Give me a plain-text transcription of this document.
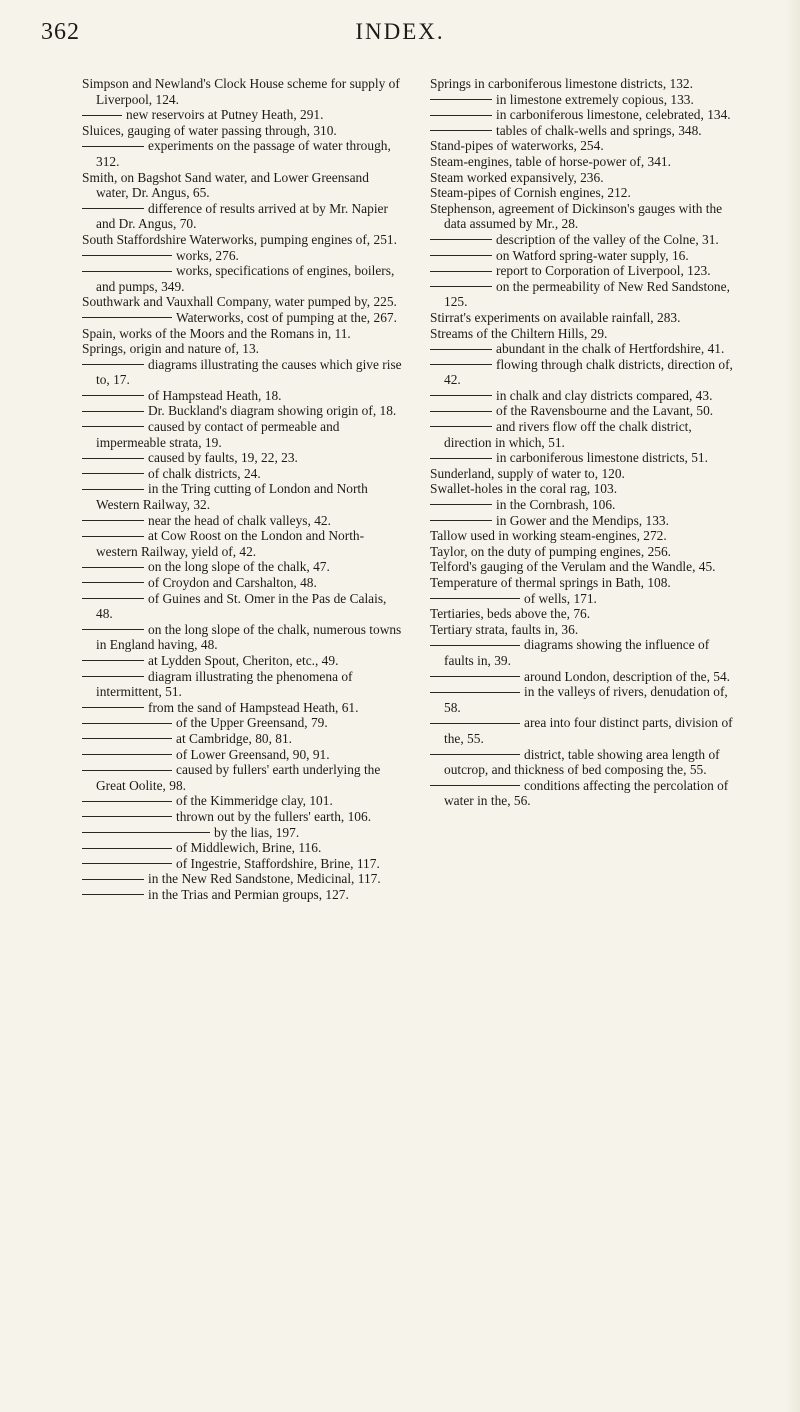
362	INDEX.

Simpson and Newland's Clock House scheme for supply of Liverpool, 124.

new reservoirs at Putney Heath, 291.

Sluices, gauging of water passing through, 310.

experiments on the passage of water through, 312.

Smith, on Bagshot Sand water, and Lower Greensand water, Dr. Angus, 65.

difference of results arrived at by Mr. Napier and Dr. Angus, 70.

South Staffordshire Waterworks, pumping engines of, 251.

works, 276.

works, specifications of engines, boilers, and pumps, 349.

Southwark and Vauxhall Company, water pumped by, 225.

Waterworks, cost of pumping at the, 267.

Spain, works of the Moors and the Romans in, 11.

Springs, origin and nature of, 13.

diagrams illustrating the causes which give rise to, 17.

of Hampstead Heath, 18.

Dr. Buckland's diagram showing origin of, 18.

caused by contact of permeable and impermeable strata, 19.

caused by faults, 19, 22, 23.

of chalk districts, 24.

in the Tring cutting of London and North Western Railway, 32.

near the head of chalk valleys, 42.

at Cow Roost on the London and North-western Railway, yield of, 42.

on the long slope of the chalk, 47.

of Croydon and Carshalton, 48.

of Guines and St. Omer in the Pas de Calais, 48.

on the long slope of the chalk, numerous towns in England having, 48.

at Lydden Spout, Cheriton, etc., 49.

diagram illustrating the phenomena of intermittent, 51.

from the sand of Hampstead Heath, 61.

of the Upper Greensand, 79.

at Cambridge, 80, 81.

of Lower Greensand, 90, 91.

caused by fullers' earth underlying the Great Oolite, 98.

of the Kimmeridge clay, 101.

thrown out by the fullers' earth, 106.

by the lias, 197.

of Middlewich, Brine, 116.

of Ingestrie, Staffordshire, Brine, 117.

in the New Red Sandstone, Medicinal, 117.

in the Trias and Permian groups, 127.

Springs in carboniferous limestone districts, 132.

in limestone extremely copious, 133.

in carboniferous limestone, celebrated, 134.

tables of chalk-wells and springs, 348.

Stand-pipes of waterworks, 254.

Steam-engines, table of horse-power of, 341.

Steam worked expansively, 236.

Steam-pipes of Cornish engines, 212.

Stephenson, agreement of Dickinson's gauges with the data assumed by Mr., 28.

description of the valley of the Colne, 31.

on Watford spring-water supply, 16.

report to Corporation of Liverpool, 123.

on the permeability of New Red Sandstone, 125.

Stirrat's experiments on available rainfall, 283.

Streams of the Chiltern Hills, 29.

abundant in the chalk of Hertfordshire, 41.

flowing through chalk districts, direction of, 42.

in chalk and clay districts compared, 43.

of the Ravensbourne and the Lavant, 50.

and rivers flow off the chalk district, direction in which, 51.

in carboniferous limestone districts, 51.

Sunderland, supply of water to, 120.

Swallet-holes in the coral rag, 103.

in the Cornbrash, 106.

in Gower and the Mendips, 133.

Tallow used in working steam-engines, 272.

Taylor, on the duty of pumping engines, 256.

Telford's gauging of the Verulam and the Wandle, 45.

Temperature of thermal springs in Bath, 108.

of wells, 171.

Tertiaries, beds above the, 76.

Tertiary strata, faults in, 36.

diagrams showing the influence of faults in, 39.

around London, description of the, 54.

in the valleys of rivers, denudation of, 58.

area into four distinct parts, division of the, 55.

district, table showing area length of outcrop, and thickness of bed composing the, 55.

conditions affecting the percolation of water in the, 56.
